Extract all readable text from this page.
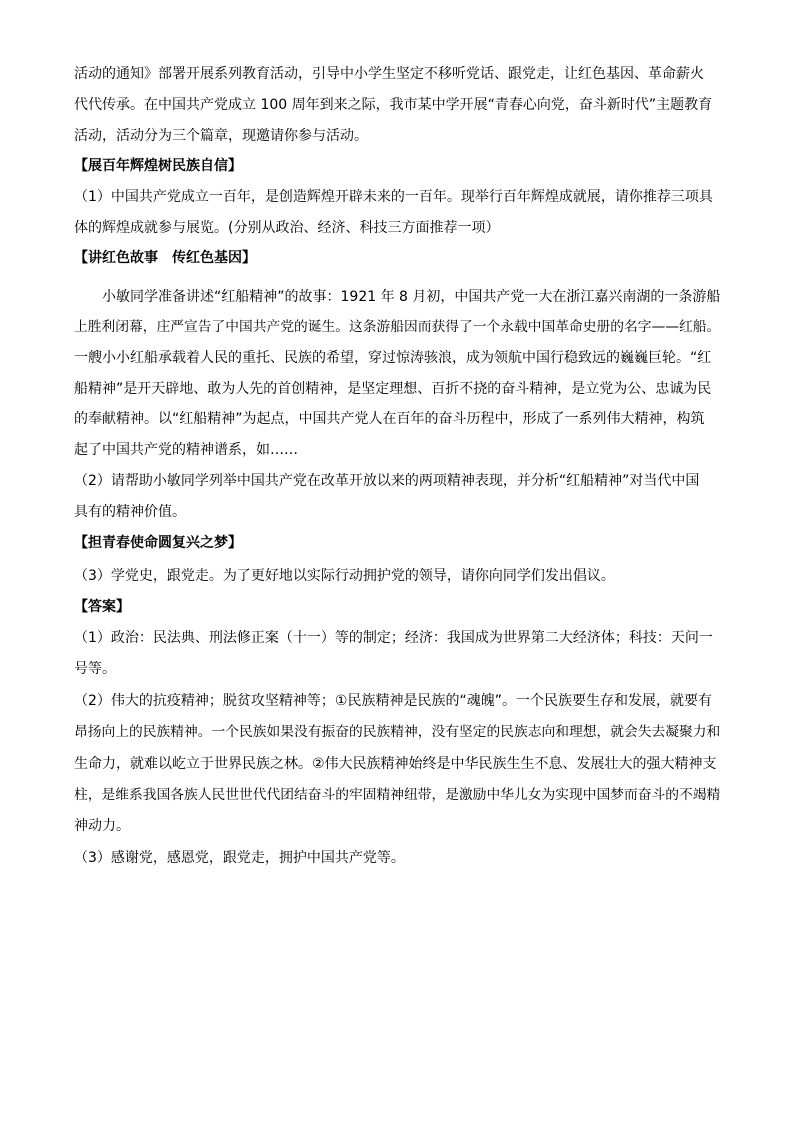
活动的通知》部署开展系列教育活动，引导中小学生坚定不移听党话、跟党走，让红色基因、革命薪火
代代传承。在中国共产党成立 100 周年到来之际，我市某中学开展“青春心向党，奋斗新时代”主题教育
活动，活动分为三个篇章，现邀请你参与活动。
【展百年辉煌树民族自信】
（1）中国共产党成立一百年，是创造辉煌开辟未来的一百年。现举行百年辉煌成就展，请你推荐三项具
体的辉煌成就参与展览。(分别从政治、经济、科技三方面推荐一项）
【讲红色故事　传红色基因】
小敏同学准备讲述“红船精神”的故事：1921 年 8 月初，中国共产党一大在浙江嘉兴南湖的一条游船
上胜利闭幕，庄严宣告了中国共产党的诞生。这条游船因而获得了一个永载中国革命史册的名字——红船。
一艘小小红船承载着人民的重托、民族的希望，穿过惊涛骇浪，成为领航中国行稳致远的巍巍巨轮。“红
船精神”是开天辟地、敢为人先的首创精神，是坚定理想、百折不挠的奋斗精神，是立党为公、忠诚为民
的奉献精神。以“红船精神”为起点，中国共产党人在百年的奋斗历程中，形成了一系列伟大精神，构筑
起了中国共产党的精神谱系，如……
（2）请帮助小敏同学列举中国共产党在改革开放以来的两项精神表现，并分析“红船精神”对当代中国
具有的精神价值。
【担青春使命圆复兴之梦】
（3）学党史，跟党走。为了更好地以实际行动拥护党的领导，请你向同学们发出倡议。
【答案】
（1）政治：民法典、刑法修正案（十一）等的制定；经济：我国成为世界第二大经济体；科技：天问一
号等。
（2）伟大的抗疫精神；脱贫攻坚精神等；①民族精神是民族的“魂魄”。一个民族要生存和发展，就要有
昂扬向上的民族精神。一个民族如果没有振奋的民族精神，没有坚定的民族志向和理想，就会失去凝聚力和
生命力，就难以屹立于世界民族之林。②伟大民族精神始终是中华民族生生不息、发展壮大的强大精神支
柱，是维系我国各族人民世世代代团结奋斗的牢固精神纽带，是激励中华儿女为实现中国梦而奋斗的不竭精
神动力。
（3）感谢党，感恩党，跟党走，拥护中国共产党等。
